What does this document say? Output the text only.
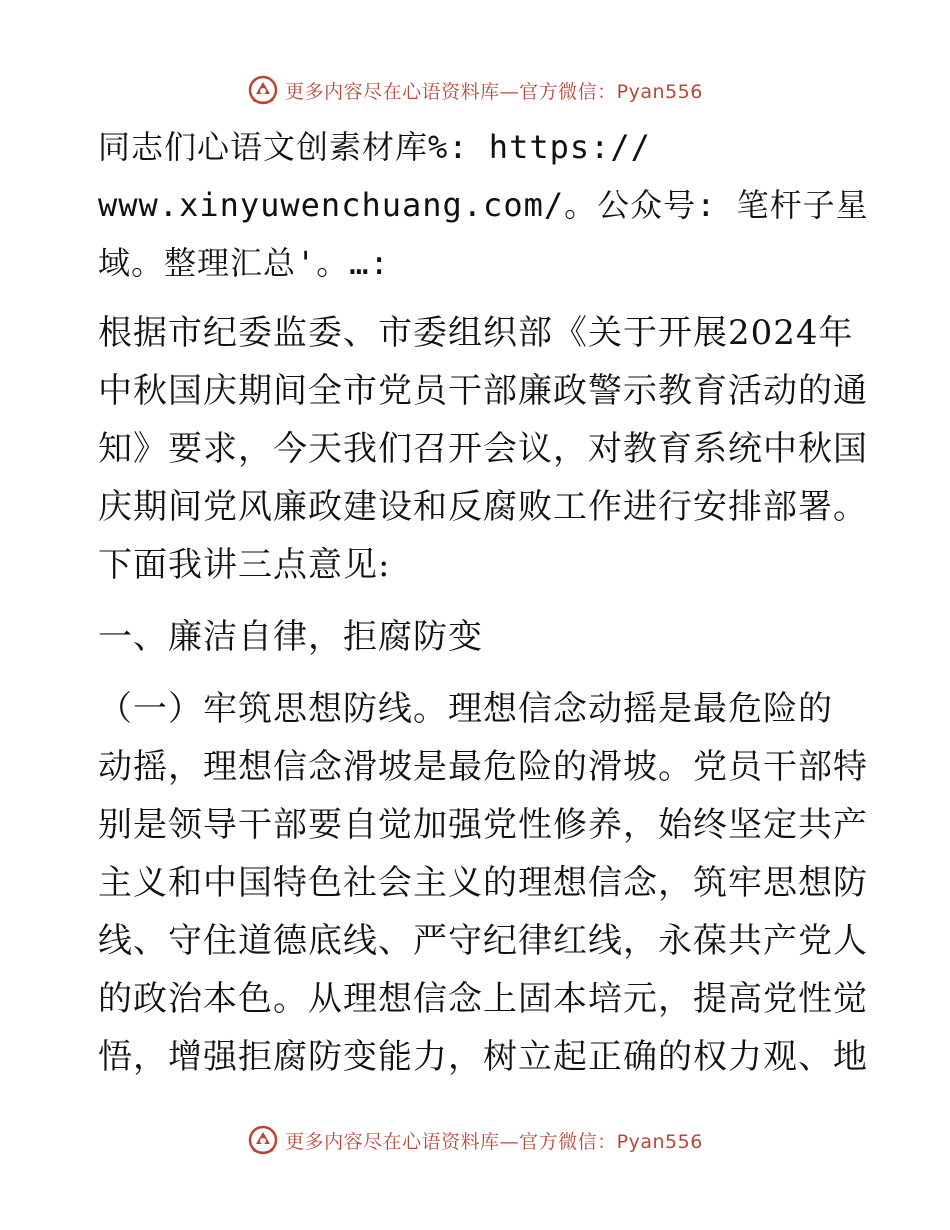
更多内容尽在心语资料库—官方微信：Pyan556

同志们心语文创素材库%: https://
www.xinyuwenchuang.com/。公众号: 笔杆子星
域。整理汇总'。…:

根据市纪委监委、市委组织部《关于开展2024年
中秋国庆期间全市党员干部廉政警示教育活动的通
知》要求，今天我们召开会议，对教育系统中秋国
庆期间党风廉政建设和反腐败工作进行安排部署。
下面我讲三点意见:

一、廉洁自律，拒腐防变

（一）牢筑思想防线。理想信念动摇是最危险的
动摇，理想信念滑坡是最危险的滑坡。党员干部特
别是领导干部要自觉加强党性修养，始终坚定共产
主义和中国特色社会主义的理想信念，筑牢思想防
线、守住道德底线、严守纪律红线，永葆共产党人
的政治本色。从理想信念上固本培元，提高党性觉
悟，增强拒腐防变能力，树立起正确的权力观、地

更多内容尽在心语资料库—官方微信：Pyan556
